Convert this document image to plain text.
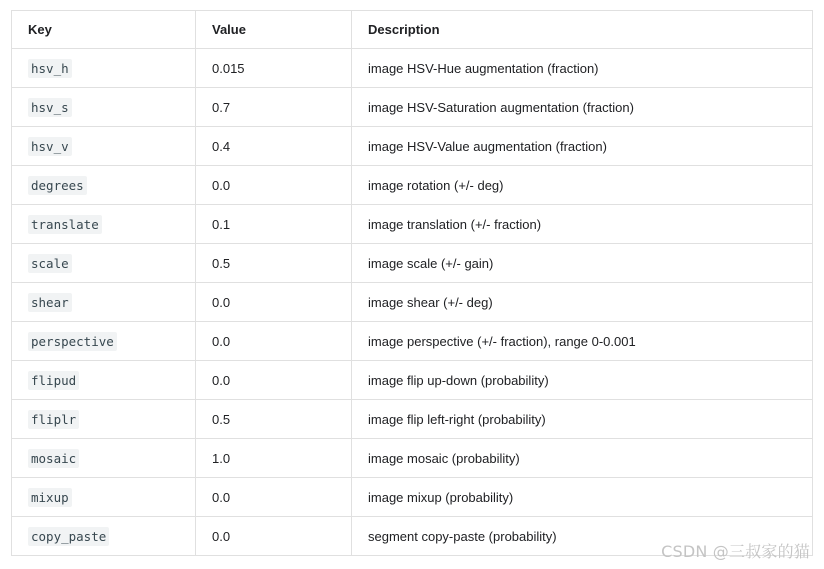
Key	Value	Description
hsv_h	0.015	image HSV-Hue augmentation (fraction)
hsv_s	0.7	image HSV-Saturation augmentation (fraction)
hsv_v	0.4	image HSV-Value augmentation (fraction)
degrees	0.0	image rotation (+/- deg)
translate	0.1	image translation (+/- fraction)
scale	0.5	image scale (+/- gain)
shear	0.0	image shear (+/- deg)
perspective	0.0	image perspective (+/- fraction), range 0-0.001
flipud	0.0	image flip up-down (probability)
fliplr	0.5	image flip left-right (probability)
mosaic	1.0	image mosaic (probability)
mixup	0.0	image mixup (probability)
copy_paste	0.0	segment copy-paste (probability)
CSDN @三叔家的猫
